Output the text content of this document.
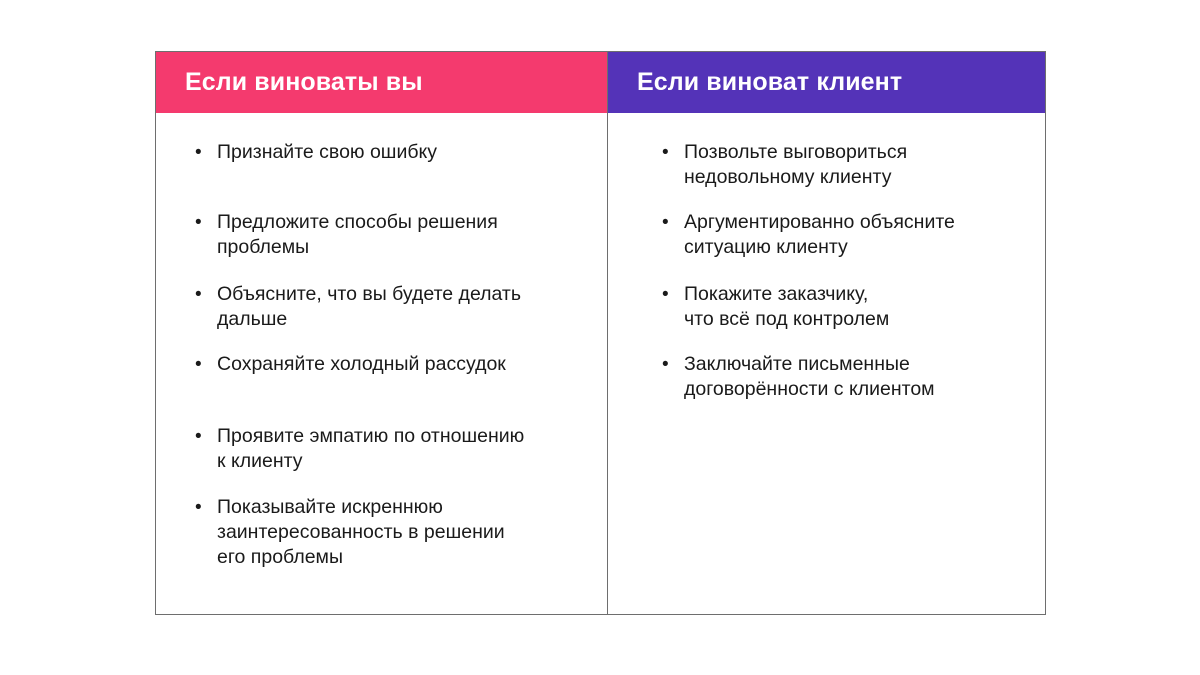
Если виноваты вы
• Признайте свою ошибку
• Предложите способы решения
проблемы
• Объясните, что вы будете делать
дальше
• Сохраняйте холодный рассудок
• Проявите эмпатию по отношению
к клиенту
• Показывайте искреннюю
заинтересованность в решении
его проблемы
Если виноват клиент
• Позвольте выговориться
недовольному клиенту
• Аргументированно объясните
ситуацию клиенту
• Покажите заказчику,
что всё под контролем
• Заключайте письменные
договорённости с клиентом
